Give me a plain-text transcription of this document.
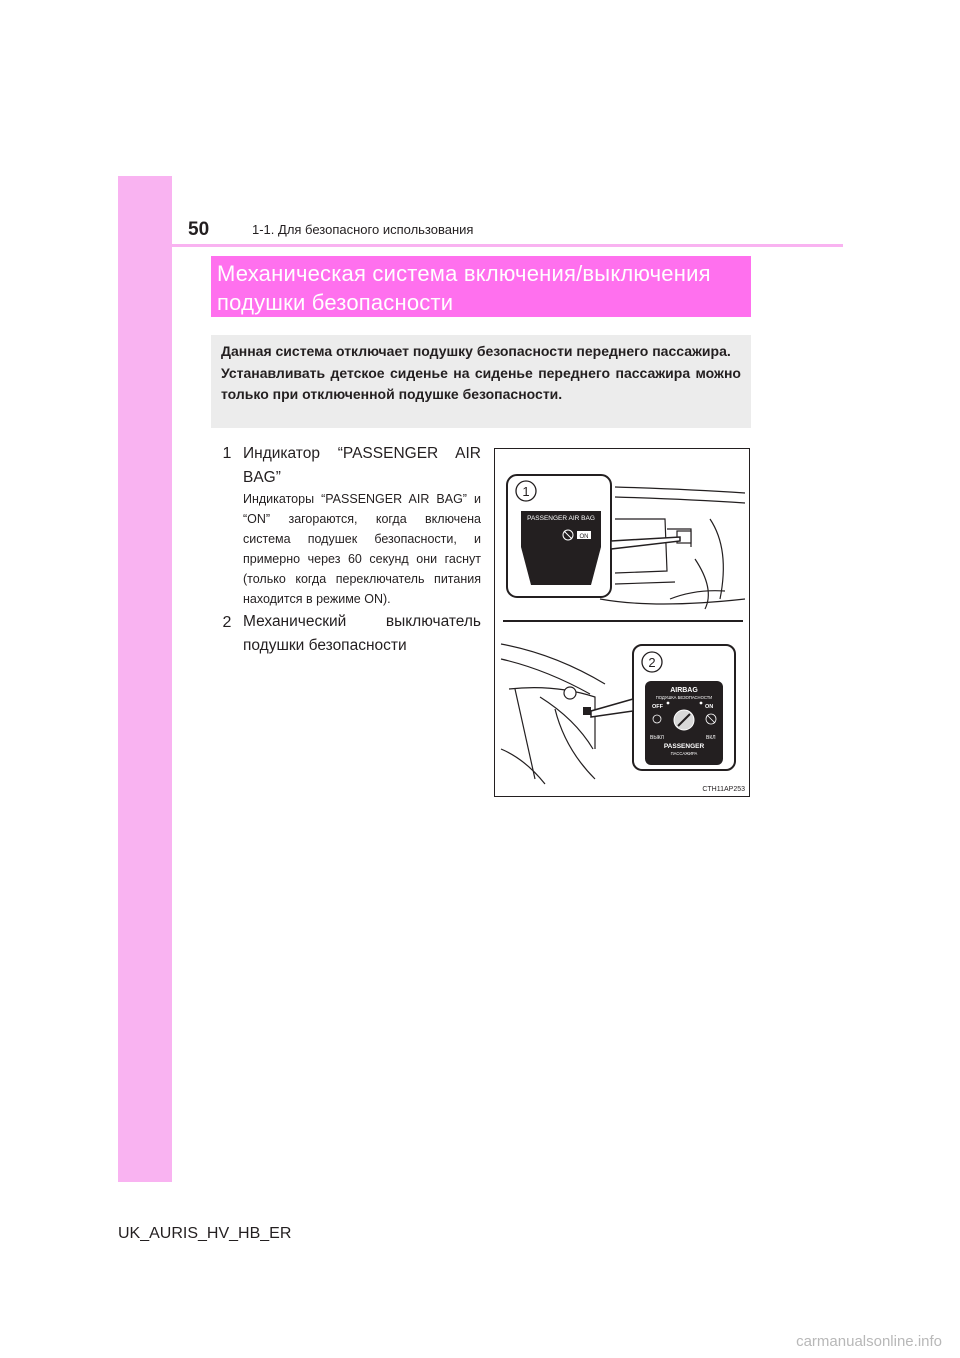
50	1-1. Для безопасного использования
Механическая система включения/выключения подушки безопасности

Данная система отключает подушку безопасности переднего пассажира.

Устанавливать детское сиденье на сиденье переднего пассажира можно только при отключенной подушке безопасности.

1 Индикатор “PASSENGER AIR BAG”
Индикаторы “PASSENGER AIR BAG” и “ON” загораются, когда включена система подушек безопасности, и примерно через 60 секунд они гаснут (только когда переключатель питания находится в режиме ON).
2 Механический выключатель подушки безопасности
1
PASSENGER AIR BAG
ON
2
AIRBAG
ПОДУШКА БЕЗОПАСНОСТИ
OFF	ON
ВЫКЛ	ВКЛ
PASSENGER
ПАССАЖИРА
CTH11AP253
UK_AURIS_HV_HB_ER
carmanualsonline.info
